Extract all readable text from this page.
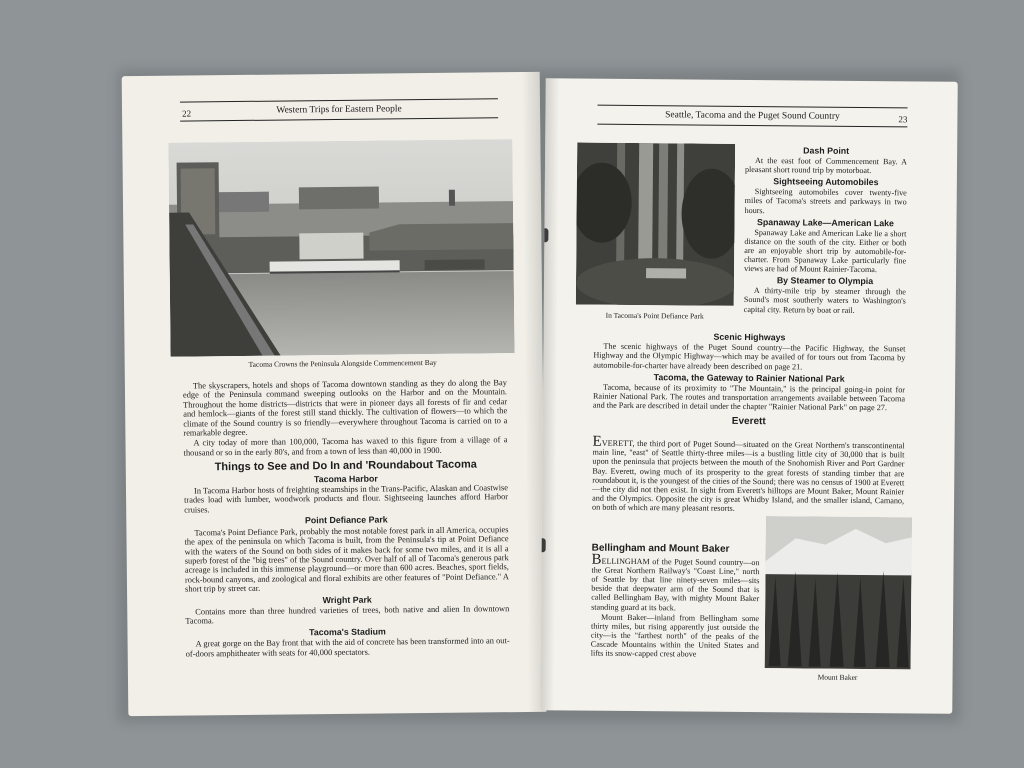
Western Trips for Eastern People
22
Tacoma Crowns the Peninsula Alongside Commencement Bay

The skyscrapers, hotels and shops of Tacoma downtown standing as they do along the Bay edge of the Peninsula command sweeping outlooks on the Harbor and on the Mountain. Throughout the home districts—districts that were in pioneer days all forests of fir and cedar and hemlock—giants of the forest still stand thickly. The cultivation of flowers—to which the climate of the Sound country is so friendly—everywhere throughout Tacoma is carried on to a remarkable degree.

A city today of more than 100,000, Tacoma has waxed to this figure from a village of a thousand or so in the early 80's, and from a town of less than 40,000 in 1900.

Things to See and Do In and 'Roundabout Tacoma
Tacoma Harbor

In Tacoma Harbor hosts of freighting steamships in the Trans-Pacific, Alaskan and Coastwise trades load with lumber, woodwork products and flour. Sightseeing launches afford Harbor cruises.

Point Defiance Park

Tacoma's Point Defiance Park, probably the most notable forest park in all America, occupies the apex of the peninsula on which Tacoma is built, from the Peninsula's tip at Point Defiance with the waters of the Sound on both sides of it makes back for some two miles, and it is all a superb forest of the "big trees" of the Sound country. Over half of all of Tacoma's generous park acreage is included in this immense playground—or more than 600 acres. Beaches, sport fields, rock-bound canyons, and zoological and floral exhibits are other features of "Point Defiance." A short trip by street car.

Wright Park

Contains more than three hundred varieties of trees, both native and alien In downtown Tacoma.

Tacoma's Stadium

A great gorge on the Bay front that with the aid of concrete has been transformed into an out-of-doors amphitheater with seats for 40,000 spectators.

Seattle, Tacoma and the Puget Sound Country	23
In Tacoma's Point Defiance Park
Dash Point

At the east foot of Commencement Bay. A pleasant short round trip by motorboat.

Sightseeing Automobiles

Sightseeing automobiles cover twenty-five miles of Tacoma's streets and parkways in two hours.

Spanaway Lake—American Lake

Spanaway Lake and American Lake lie a short distance on the south of the city. Either or both are an enjoyable short trip by automobile-for-charter. From Spanaway Lake particularly fine views are had of Mount Rainier-Tacoma.

By Steamer to Olympia

A thirty-mile trip by steamer through the Sound's most southerly waters to Washington's capital city. Return by boat or rail.

Scenic Highways

The scenic highways of the Puget Sound country—the Pacific Highway, the Sunset Highway and the Olympic Highway—which may be availed of for tours out from Tacoma by automobile-for-charter have already been described on page 21.

Tacoma, the Gateway to Rainier National Park

Tacoma, because of its proximity to "The Mountain," is the principal going-in point for Rainier National Park. The routes and transportation arrangements available between Tacoma and the Park are described in detail under the chapter "Rainier National Park" on page 27.

Everett

EVERETT, the third port of Puget Sound—situated on the Great Northern's transcontinental main line, "east" of Seattle thirty-three miles—is a bustling little city of 30,000 that is built upon the peninsula that projects between the mouth of the Snohomish River and Port Gardner Bay. Everett, owing much of its prosperity to the great forests of standing timber that are roundabout it, is the youngest of the cities of the Sound; there was no census of 1900 at Everett—the city did not then exist. In sight from Everett's hilltops are Mount Baker, Mount Rainier and the Olympics. Opposite the city is great Whidby Island, and the smaller island, Camano, on both of which are many pleasant resorts.

Mount Baker
Bellingham and Mount Baker

BELLINGHAM of the Puget Sound country—on the Great Northern Railway's "Coast Line," north of Seattle by that line ninety-seven miles—sits beside that deepwater arm of the Sound that is called Bellingham Bay, with mighty Mount Baker standing guard at its back.

Mount Baker—inland from Bellingham some thirty miles, but rising apparently just outside the city—is the "farthest north" of the peaks of the Cascade Mountains within the United States and lifts its snow-capped crest above
